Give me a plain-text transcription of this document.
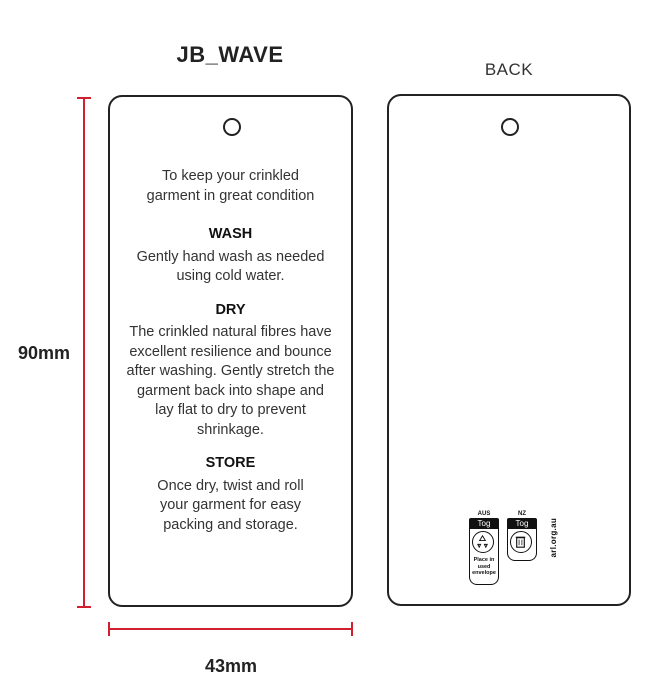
JB_WAVE
BACK
90mm
To keep your crinkled garment in great condition
WASH
Gently hand wash as needed using cold water.
DRY
The crinkled natural fibres have excellent resilience and bounce after washing. Gently stretch the garment back into shape and lay flat to dry to prevent shrinkage.
STORE
Once dry, twist and roll your garment for easy packing and storage.
AUS
Tog
Place in used envelope
NZ
Tog	arl.org.au
43mm
